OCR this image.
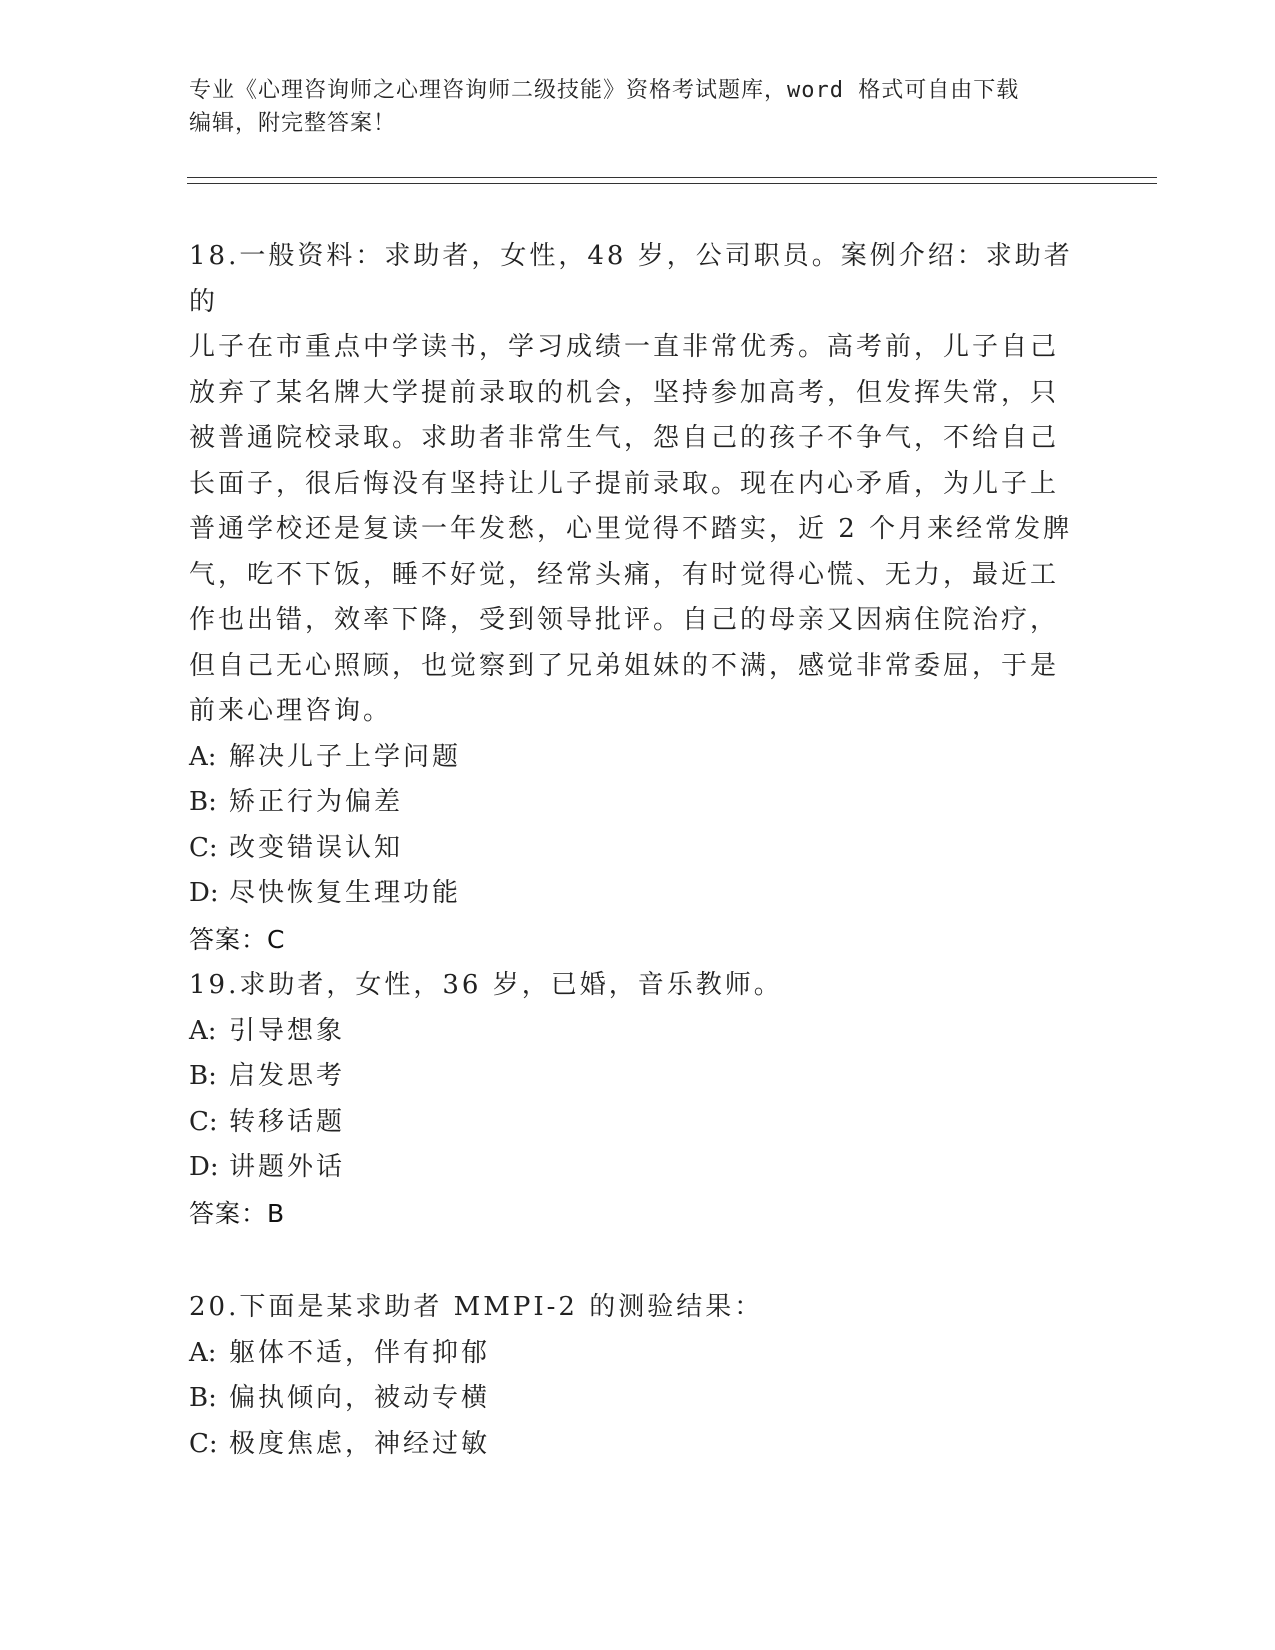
专业《心理咨询师之心理咨询师二级技能》资格考试题库，word 格式可自由下载
编辑，附完整答案！

18.一般资料：求助者，女性，48 岁，公司职员。案例介绍：求助者的

儿子在市重点中学读书，学习成绩一直非常优秀。高考前，儿子自己

放弃了某名牌大学提前录取的机会，坚持参加高考，但发挥失常，只

被普通院校录取。求助者非常生气，怨自己的孩子不争气，不给自己

长面子，很后悔没有坚持让儿子提前录取。现在内心矛盾，为儿子上

普通学校还是复读一年发愁，心里觉得不踏实，近 2 个月来经常发脾

气，吃不下饭，睡不好觉，经常头痛，有时觉得心慌、无力，最近工

作也出错，效率下降，受到领导批评。自己的母亲又因病住院治疗，

但自己无心照顾，也觉察到了兄弟姐妹的不满，感觉非常委屈，于是

前来心理咨询。

A: 解决儿子上学问题

B: 矫正行为偏差

C: 改变错误认知

D: 尽快恢复生理功能

答案：C

19.求助者，女性，36 岁，已婚，音乐教师。

A: 引导想象

B: 启发思考

C: 转移话题

D: 讲题外话

答案：B

20.下面是某求助者 MMPI-2 的测验结果：

A: 躯体不适，伴有抑郁

B: 偏执倾向，被动专横

C: 极度焦虑，神经过敏
